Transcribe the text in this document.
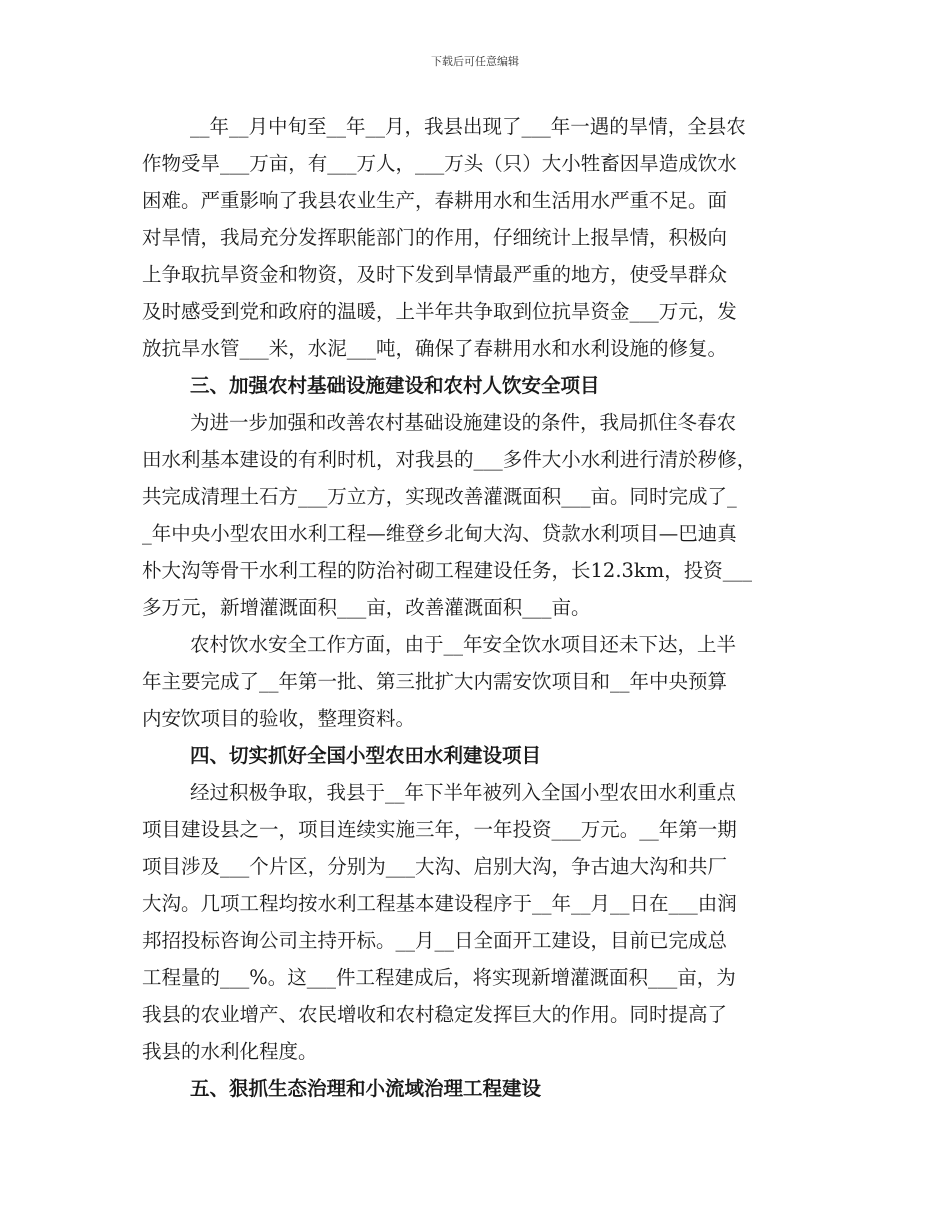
下载后可任意编辑
__年__月中旬至__年__月，我县出现了___年一遇的旱情，全县农
作物受旱___万亩，有___万人，___万头（只）大小牲畜因旱造成饮水
困难。严重影响了我县农业生产，春耕用水和生活用水严重不足。面
对旱情，我局充分发挥职能部门的作用，仔细统计上报旱情，积极向
上争取抗旱资金和物资，及时下发到旱情最严重的地方，使受旱群众
及时感受到党和政府的温暖，上半年共争取到位抗旱资金___万元，发
放抗旱水管___米，水泥___吨，确保了春耕用水和水利设施的修复。
三、加强农村基础设施建设和农村人饮安全项目
为进一步加强和改善农村基础设施建设的条件，我局抓住冬春农
田水利基本建设的有利时机，对我县的___多件大小水利进行清於秽修，
共完成清理土石方___万立方，实现改善灌溉面积___亩。同时完成了_
_年中央小型农田水利工程—维登乡北甸大沟、贷款水利项目—巴迪真
朴大沟等骨干水利工程的防治衬砌工程建设任务，长12.3km，投资___
多万元，新增灌溉面积___亩，改善灌溉面积___亩。
农村饮水安全工作方面，由于__年安全饮水项目还未下达，上半
年主要完成了__年第一批、第三批扩大内需安饮项目和__年中央预算
内安饮项目的验收，整理资料。
四、切实抓好全国小型农田水利建设项目
经过积极争取，我县于__年下半年被列入全国小型农田水利重点
项目建设县之一，项目连续实施三年，一年投资___万元。__年第一期
项目涉及___个片区，分别为___大沟、启别大沟，争古迪大沟和共厂
大沟。几项工程均按水利工程基本建设程序于__年__月__日在___由润
邦招投标咨询公司主持开标。__月__日全面开工建设，目前已完成总
工程量的___%。这___件工程建成后，将实现新增灌溉面积___亩，为
我县的农业增产、农民增收和农村稳定发挥巨大的作用。同时提高了
我县的水利化程度。
五、狠抓生态治理和小流域治理工程建设
